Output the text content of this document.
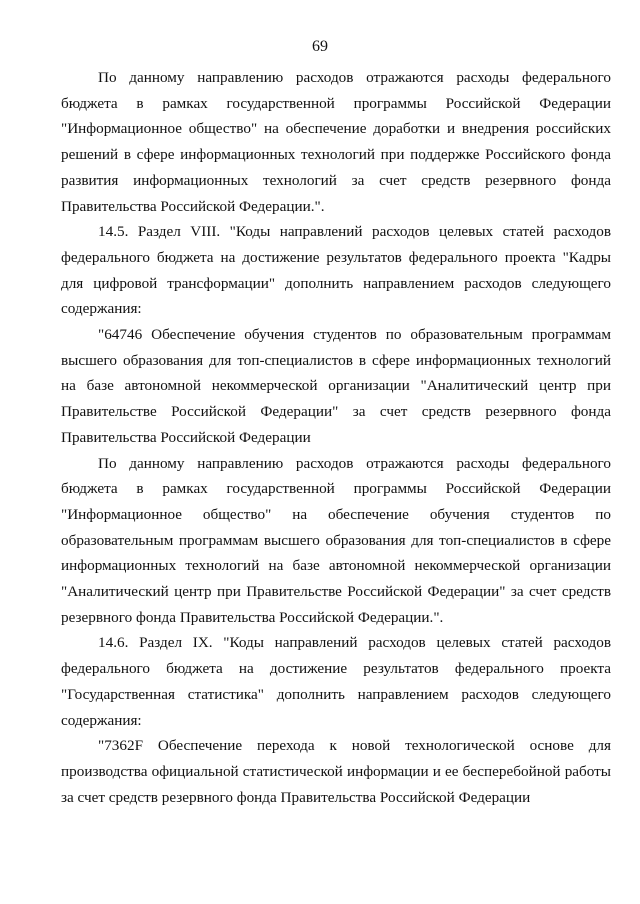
69

По данному направлению расходов отражаются расходы федерального бюджета в рамках государственной программы Российской Федерации "Информационное общество" на обеспечение доработки и внедрения российских решений в сфере информационных технологий при поддержке Российского фонда развития информационных технологий за счет средств резервного фонда Правительства Российской Федерации.".

14.5. Раздел VIII. "Коды направлений расходов целевых статей расходов федерального бюджета на достижение результатов федерального проекта "Кадры для цифровой трансформации" дополнить направлением расходов следующего содержания:

"64746 Обеспечение обучения студентов по образовательным программам высшего образования для топ-специалистов в сфере информационных технологий на базе автономной некоммерческой организации "Аналитический центр при Правительстве Российской Федерации" за счет средств резервного фонда Правительства Российской Федерации

По данному направлению расходов отражаются расходы федерального бюджета в рамках государственной программы Российской Федерации "Информационное общество" на обеспечение обучения студентов по образовательным программам высшего образования для топ-специалистов в сфере информационных технологий на базе автономной некоммерческой организации "Аналитический центр при Правительстве Российской Федерации" за счет средств резервного фонда Правительства Российской Федерации.".

14.6. Раздел IX. "Коды направлений расходов целевых статей расходов федерального бюджета на достижение результатов федерального проекта "Государственная статистика" дополнить направлением расходов следующего содержания:

"7362F Обеспечение перехода к новой технологической основе для производства официальной статистической информации и ее бесперебойной работы за счет средств резервного фонда Правительства Российской Федерации
